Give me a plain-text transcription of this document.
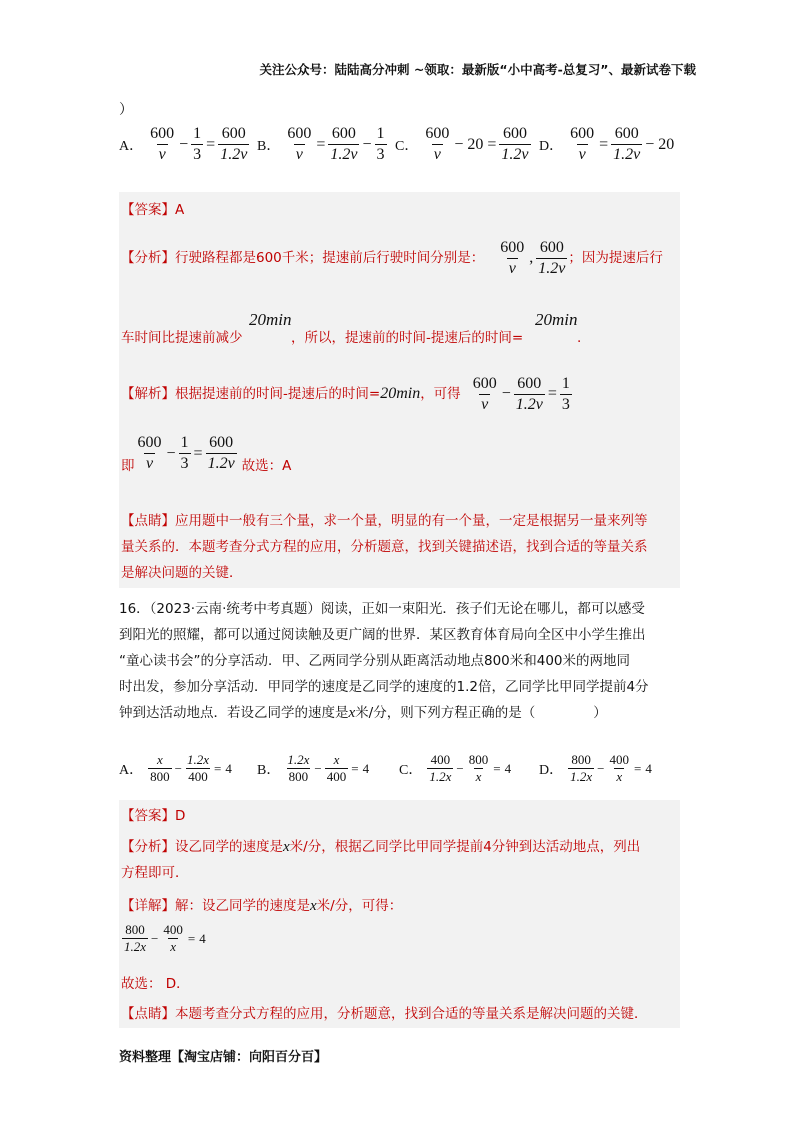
关注公众号：陆陆高分冲刺 ~领取：最新版“小中高考-总复习”、最新试卷下载
）
A． $\frac{600}{v} - \frac{1}{3} = \frac{600}{1.2v}$ B． $\frac{600}{v} = \frac{600}{1.2v} - \frac{1}{3}$ C． $\frac{600}{v} - 20 = \frac{600}{1.2v}$ D． $\frac{600}{v} = \frac{600}{1.2v} - 20$
【答案】A
【分析】 行驶路程都是600千米；提速前后行驶时间分别是： $\frac{600}{v}$ , $\frac{600}{1.2v}$ ；因为提速后行
车时间比提速前减少
20min
，所以，提速前的时间-提速后的时间=
20min
.
【解析】 根据提速前的时间-提速后的时间= 20min ，可得 $\frac{600}{v} - \frac{600}{1.2v} = \frac{1}{3}$
即 $\frac{600}{v} - \frac{1}{3} = \frac{600}{1.2v}$ 故选：A
【点睛】应用题中一般有三个量，求一个量，明显的有一个量，一定是根据另一量来列等
量关系的．本题考查分式方程的应用，分析题意，找到关键描述语，找到合适的等量关系
是解决问题的关键．
16．（2023·云南·统考中考真题）阅读，正如一束阳光．孩子们无论在哪儿，都可以感受
到阳光的照耀，都可以通过阅读触及更广阔的世界．某区教育体育局向全区中小学生推出
“童心读书会”的分享活动．甲、乙两同学分别从距离活动地点800米和400米的两地同
时出发，参加分享活动．甲同学的速度是乙同学的速度的1.2倍，乙同学比甲同学提前4分
钟到达活动地点．若设乙同学的速度是x米/分，则下列方程正确的是（	）
A． $\frac{x}{800} - \frac{1.2x}{400} = 4$ B． $\frac{1.2x}{800} - \frac{x}{400} = 4$ C． $\frac{400}{1.2x} - \frac{800}{x} = 4$ D． $\frac{800}{1.2x} - \frac{400}{x} = 4$
【答案】D
【分析】设乙同学的速度是x米/分，根据乙同学比甲同学提前4分钟到达活动地点，列出
方程即可．
【详解】解：设乙同学的速度是x米/分，可得：
$\frac{800}{1.2x} - \frac{400}{x} = 4$
故选： D．
【点睛】本题考查分式方程的应用，分析题意，找到合适的等量关系是解决问题的关键．
资料整理【淘宝店铺：向阳百分百】
